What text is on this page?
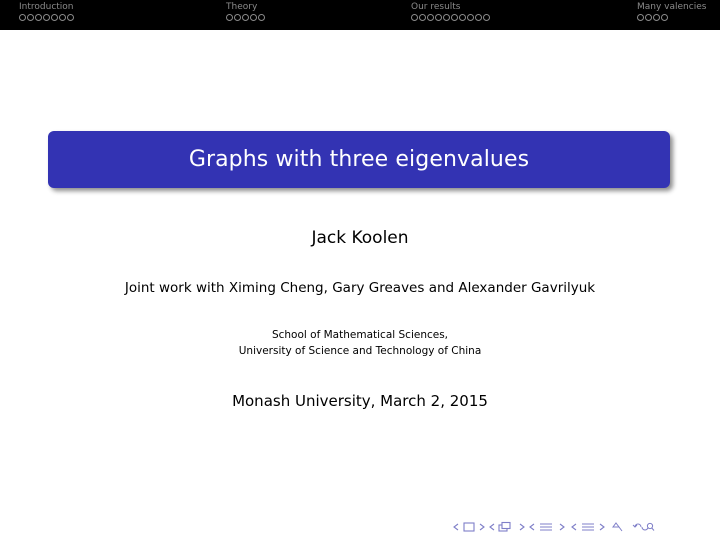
Introduction	Theory	Our results	Many valencies
Graphs with three eigenvalues
Jack Koolen
Joint work with Ximing Cheng, Gary Greaves and Alexander Gavrilyuk
School of Mathematical Sciences,
University of Science and Technology of China
Monash University, March 2, 2015
